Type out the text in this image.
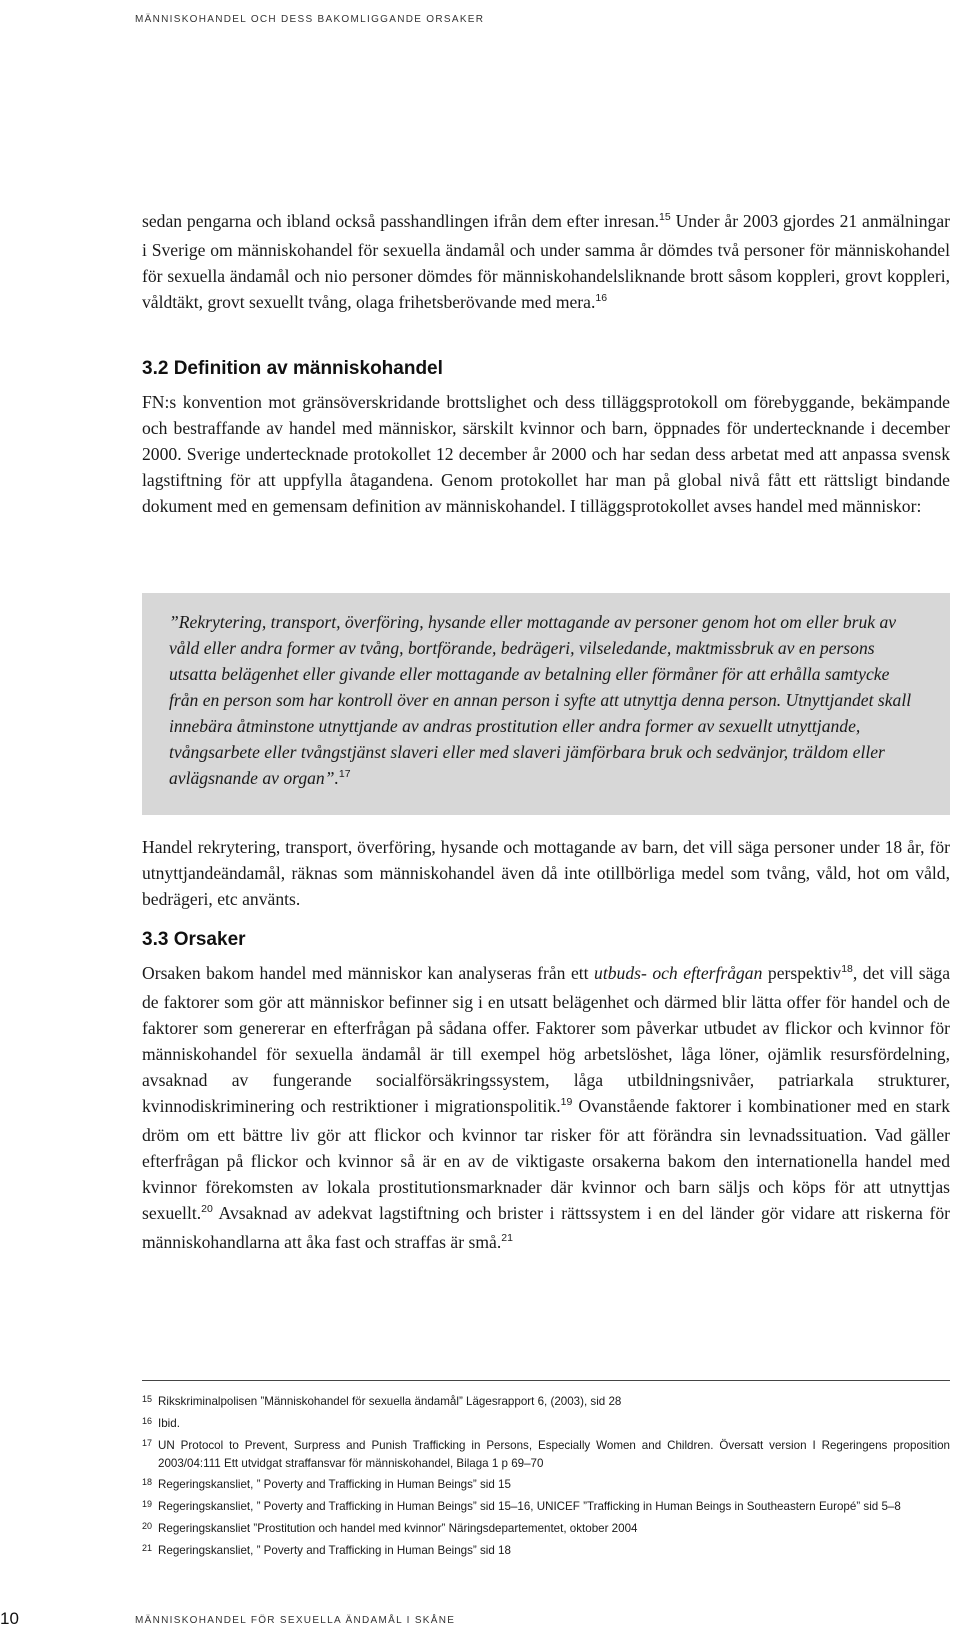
MÄNNISKOHANDEL OCH DESS BAKOMLIGGANDE ORSAKER

sedan pengarna och ibland också passhandlingen ifrån dem efter inresan.$^{15}$ Under år 2003 gjordes 21 anmälningar i Sverige om människohandel för sexuella ändamål och under samma år dömdes två personer för människohandel för sexuella ändamål och nio personer dömdes för människohandelsliknande brott såsom koppleri, grovt koppleri, våldtäkt, grovt sexuellt tvång, olaga frihetsberövande med mera.$^{16}$

3.2 Definition av människohandel

FN:s konvention mot gränsöverskridande brottslighet och dess tilläggsprotokoll om förebyggande, bekämpande och bestraffande av handel med människor, särskilt kvinnor och barn, öppnades för undertecknande i december 2000. Sverige undertecknade protokollet 12 december år 2000 och har sedan dess arbetat med att anpassa svensk lagstiftning för att uppfylla åtagandena. Genom protokollet har man på global nivå fått ett rättsligt bindande dokument med en gemensam definition av människohandel. I tilläggsprotokollet avses handel med människor:

”Rekrytering, transport, överföring, hysande eller mottagande av personer genom hot om eller bruk av våld eller andra former av tvång, bortförande, bedrägeri, vilseledande, maktmissbruk av en persons utsatta belägenhet eller givande eller mottagande av betalning eller förmåner för att erhålla samtycke från en person som har kontroll över en annan person i syfte att utnyttja denna person. Utnyttjandet skall innebära åtminstone utnyttjande av andras prostitution eller andra former av sexuellt utnyttjande, tvångsarbete eller tvångstjänst slaveri eller med slaveri jämförbara bruk och sedvänjor, träldom eller avlägsnande av organ”.$^{17}$

Handel rekrytering, transport, överföring, hysande och mottagande av barn, det vill säga personer under 18 år, för utnyttjandeändamål, räknas som människohandel även då inte otillbörliga medel som tvång, våld, hot om våld, bedrägeri, etc använts.

3.3 Orsaker

Orsaken bakom handel med människor kan analyseras från ett utbuds- och efterfrågan perspektiv$^{18}$, det vill säga de faktorer som gör att människor befinner sig i en utsatt belägenhet och därmed blir lätta offer för handel och de faktorer som genererar en efterfrågan på sådana offer. Faktorer som påverkar utbudet av flickor och kvinnor för människohandel för sexuella ändamål är till exempel hög arbetslöshet, låga löner, ojämlik resursfördelning, avsaknad av fungerande socialförsäkringssystem, låga utbildningsnivåer, patriarkala strukturer, kvinnodiskriminering och restriktioner i migrationspolitik.$^{19}$ Ovanstående faktorer i kombinationer med en stark dröm om ett bättre liv gör att flickor och kvinnor tar risker för att förändra sin levnadssituation. Vad gäller efterfrågan på flickor och kvinnor så är en av de viktigaste orsakerna bakom den internationella handel med kvinnor förekomsten av lokala prostitutionsmarknader där kvinnor och barn säljs och köps för att utnyttjas sexuellt.$^{20}$ Avsaknad av adekvat lagstiftning och brister i rättssystem i en del länder gör vidare att riskerna för människohandlarna att åka fast och straffas är små.$^{21}$

15 Rikskriminalpolisen ”Människohandel för sexuella ändamål” Lägesrapport 6, (2003), sid 28

16 Ibid.

17 UN Protocol to Prevent, Surpress and Punish Trafficking in Persons, Especially Women and Children. Översatt version I Regeringens proposition 2003/04:111 Ett utvidgat straffansvar för människohandel, Bilaga 1 p 69–70

18 Regeringskansliet, ” Poverty and Trafficking in Human Beings” sid 15

19 Regeringskansliet, ” Poverty and Trafficking in Human Beings” sid 15–16, UNICEF ”Trafficking in Human Beings in Southeastern Europé” sid 5–8

20 Regeringskansliet ”Prostitution och handel med kvinnor” Näringsdepartementet, oktober 2004

21 Regeringskansliet, ” Poverty and Trafficking in Human Beings” sid 18

10	MÄNNISKOHANDEL FÖR SEXUELLA ÄNDAMÅL I SKÅNE
